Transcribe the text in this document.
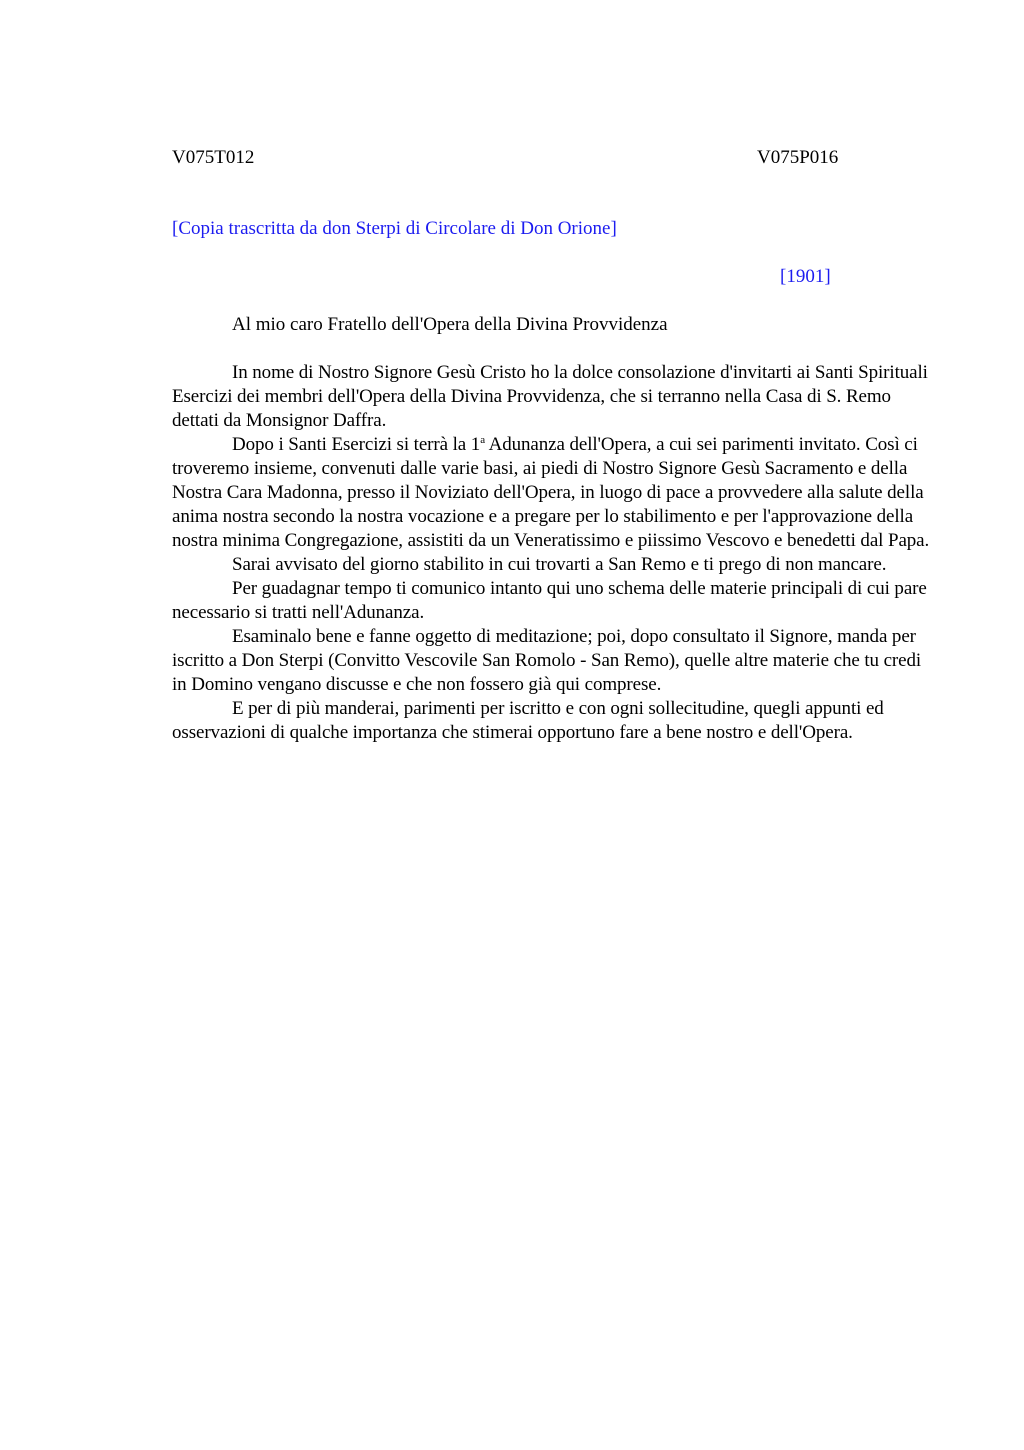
V075T012	V075P016
[Copia trascritta da don Sterpi di Circolare di Don Orione]
[1901]
Al mio caro Fratello dell'Opera della Divina Provvidenza

In nome di Nostro Signore Gesù Cristo ho la dolce consolazione d'invitarti ai Santi Spirituali Esercizi dei membri dell'Opera della Divina Provvidenza, che si terranno nella Casa di S. Remo dettati da Monsignor Daffra.

Dopo i Santi Esercizi si terrà la 1$^a$ Adunanza dell'Opera, a cui sei parimenti invitato. Così ci troveremo insieme, convenuti dalle varie basi, ai piedi di Nostro Signore Gesù Sacramento e della Nostra Cara Madonna, presso il Noviziato dell'Opera, in luogo di pace a provvedere alla salute della anima nostra secondo la nostra vocazione e a pregare per lo stabilimento e per l'approvazione della nostra minima Congregazione, assistiti da un Veneratissimo e piissimo Vescovo e benedetti dal Papa.

Sarai avvisato del giorno stabilito in cui trovarti a San Remo e ti prego di non mancare.

Per guadagnar tempo ti comunico intanto qui uno schema delle materie principali di cui pare necessario si tratti nell'Adunanza.

Esaminalo bene e fanne oggetto di meditazione; poi, dopo consultato il Signore, manda per iscritto a Don Sterpi (Convitto Vescovile San Romolo - San Remo), quelle altre materie che tu credi in Domino vengano discusse e che non fossero già qui comprese.

E per di più manderai, parimenti per iscritto e con ogni sollecitudine, quegli appunti ed osservazioni di qualche importanza che stimerai opportuno fare a bene nostro e dell'Opera.
